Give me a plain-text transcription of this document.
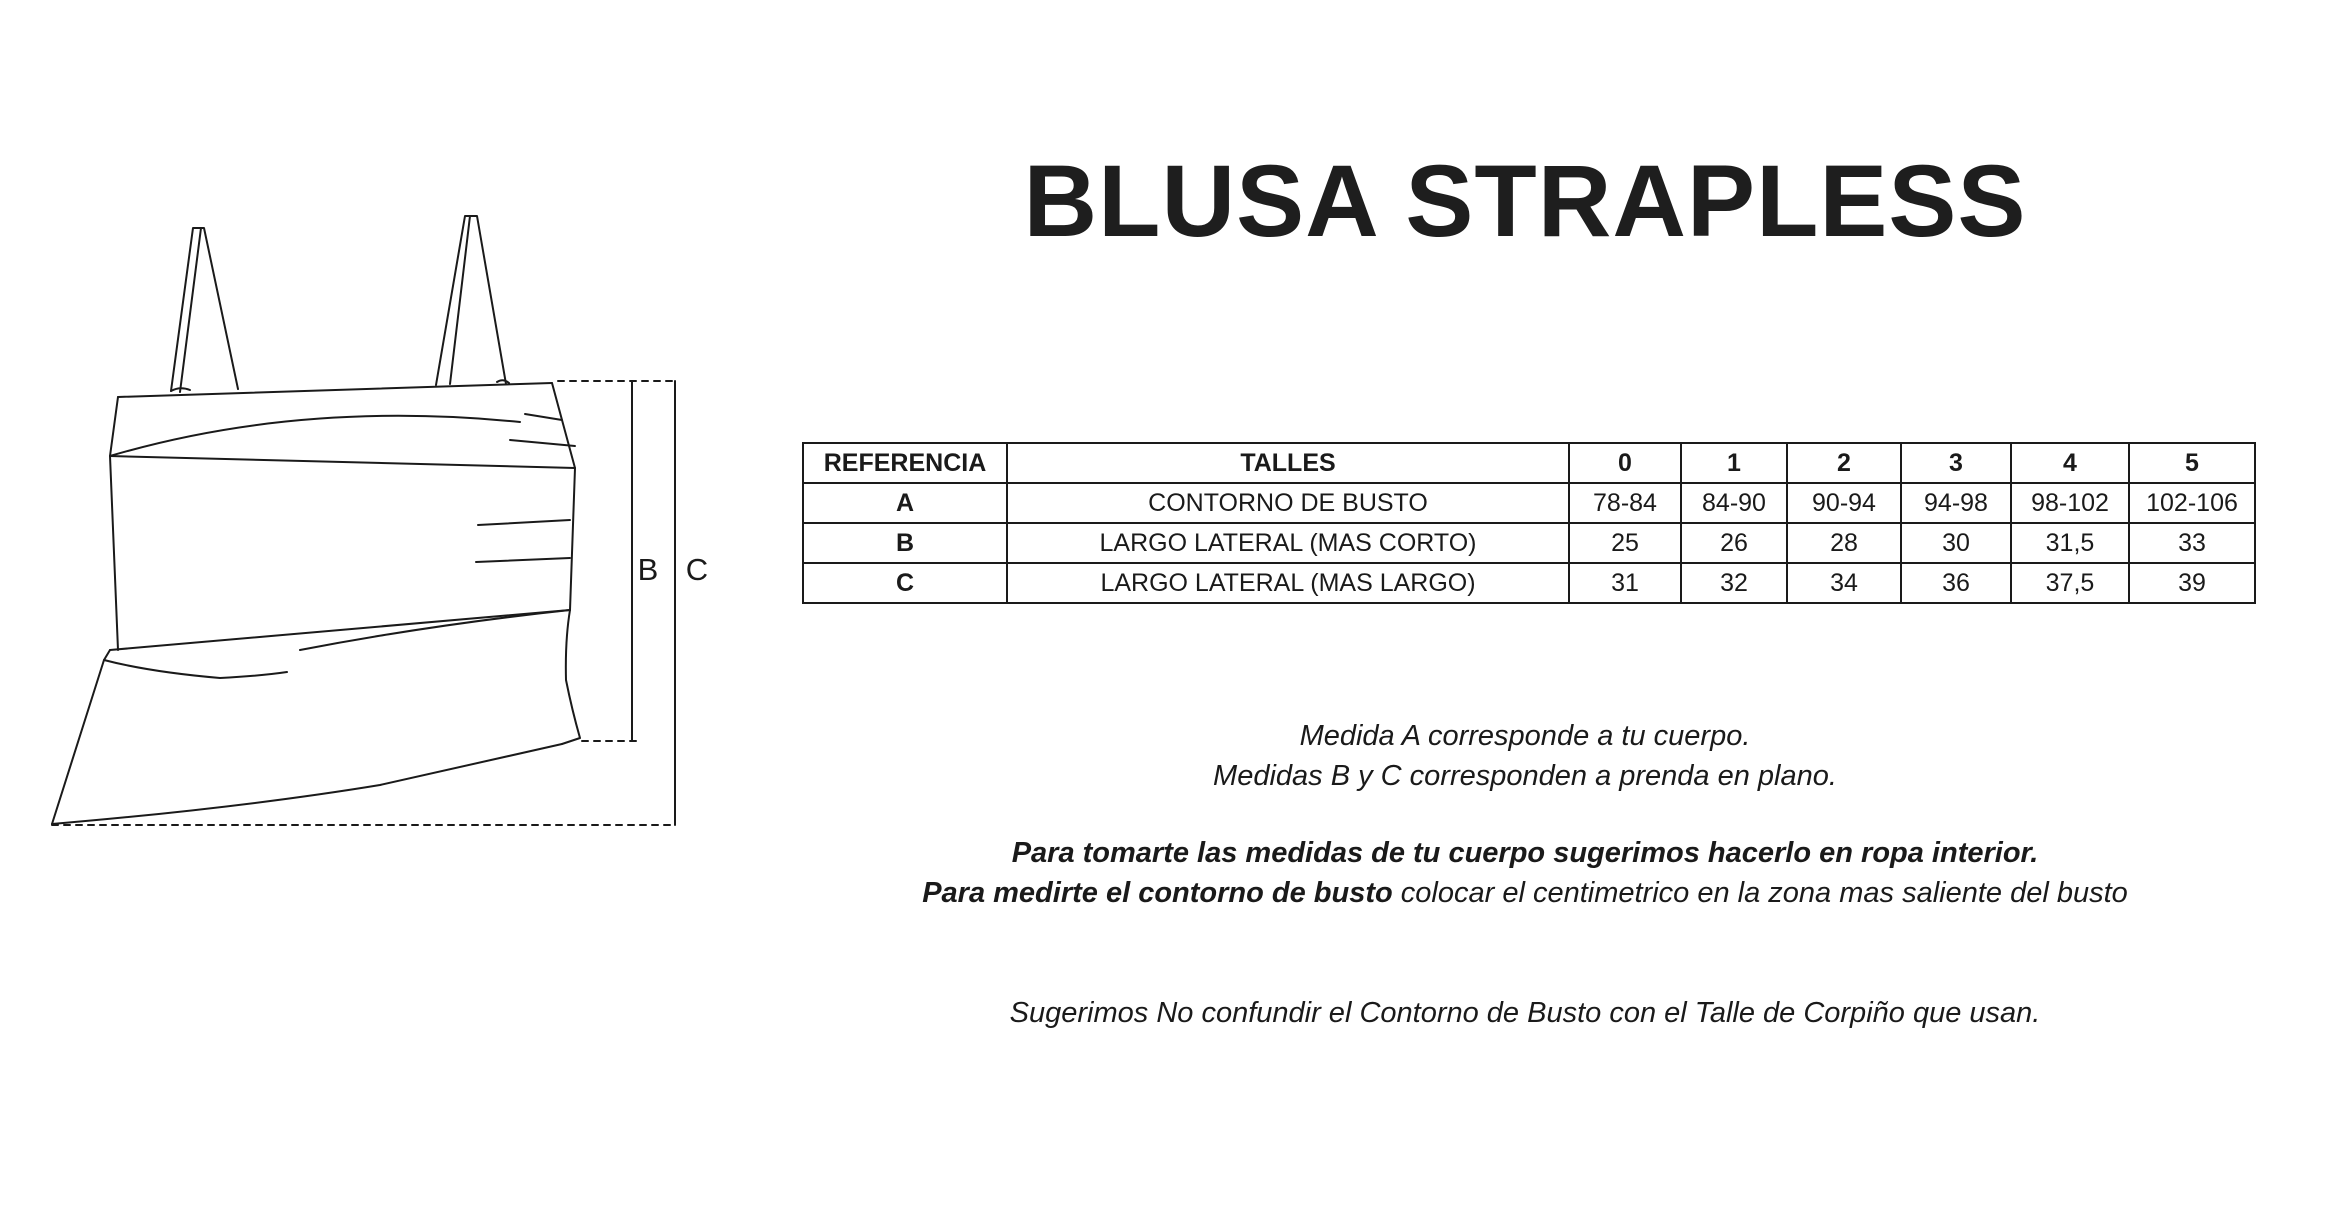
B C
BLUSA STRAPLESS
REFERENCIA	TALLES	0	1	2	3	4	5
A	CONTORNO DE BUSTO	78-84	84-90	90-94	94-98	98-102	102-106
B	LARGO LATERAL (MAS CORTO)	25	26	28	30	31,5	33
C	LARGO LATERAL (MAS LARGO)	31	32	34	36	37,5	39
Medida A corresponde a tu cuerpo.
Medidas B y C corresponden a prenda en plano.
Para tomarte las medidas de tu cuerpo sugerimos hacerlo en ropa interior.
Para medirte el contorno de busto colocar el centimetrico en la zona mas saliente del busto
Sugerimos No confundir el Contorno de Busto con el Talle de Corpiño que usan.
